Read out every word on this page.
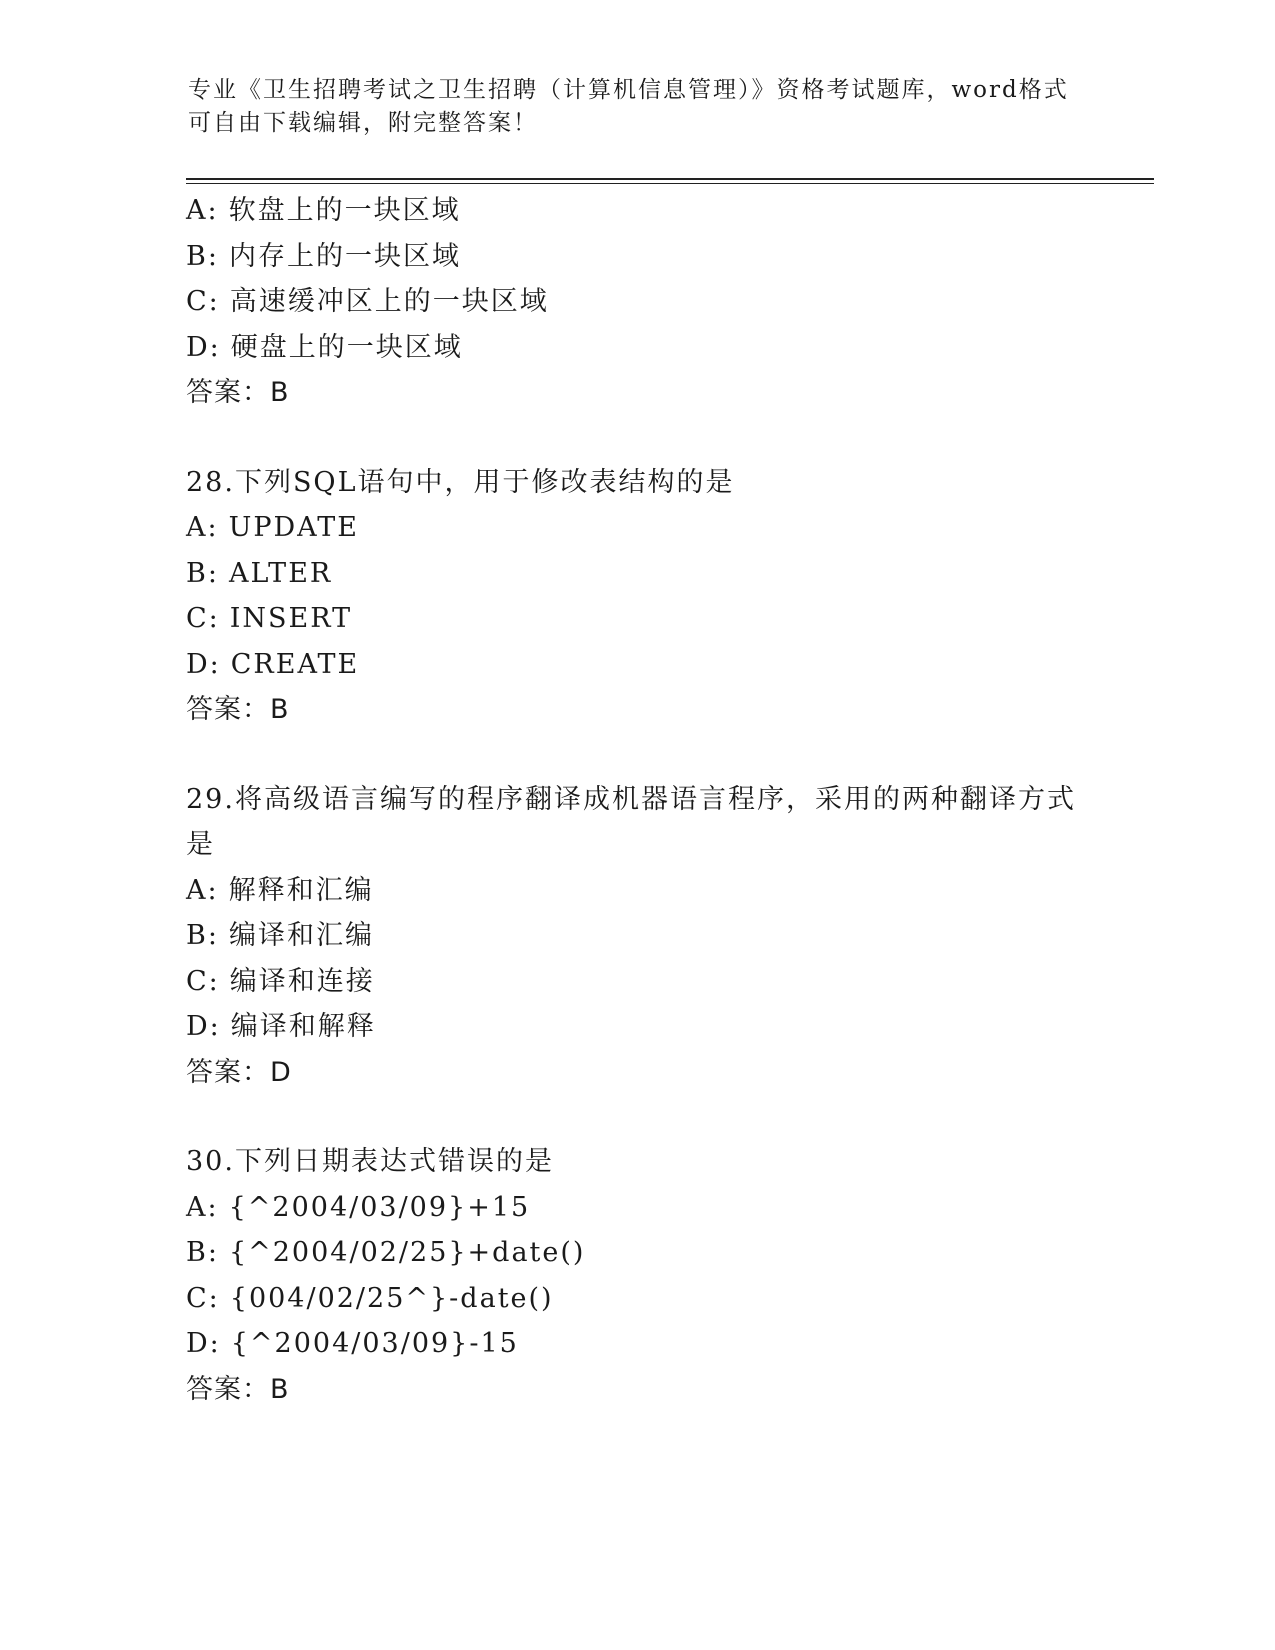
专业《卫生招聘考试之卫生招聘（计算机信息管理）》资格考试题库，word格式
可自由下载编辑，附完整答案！
A: 软盘上的一块区域
B: 内存上的一块区域
C: 高速缓冲区上的一块区域
D: 硬盘上的一块区域
答案：B
28.下列SQL语句中，用于修改表结构的是
A: UPDATE
B: ALTER
C: INSERT
D: CREATE
答案：B
29.将高级语言编写的程序翻译成机器语言程序，采用的两种翻译方式
是
A: 解释和汇编
B: 编译和汇编
C: 编译和连接
D: 编译和解释
答案：D
30.下列日期表达式错误的是
A: {^2004/03/09}+15
B: {^2004/02/25}+date()
C: {004/02/25^}-date()
D: {^2004/03/09}-15
答案：B
